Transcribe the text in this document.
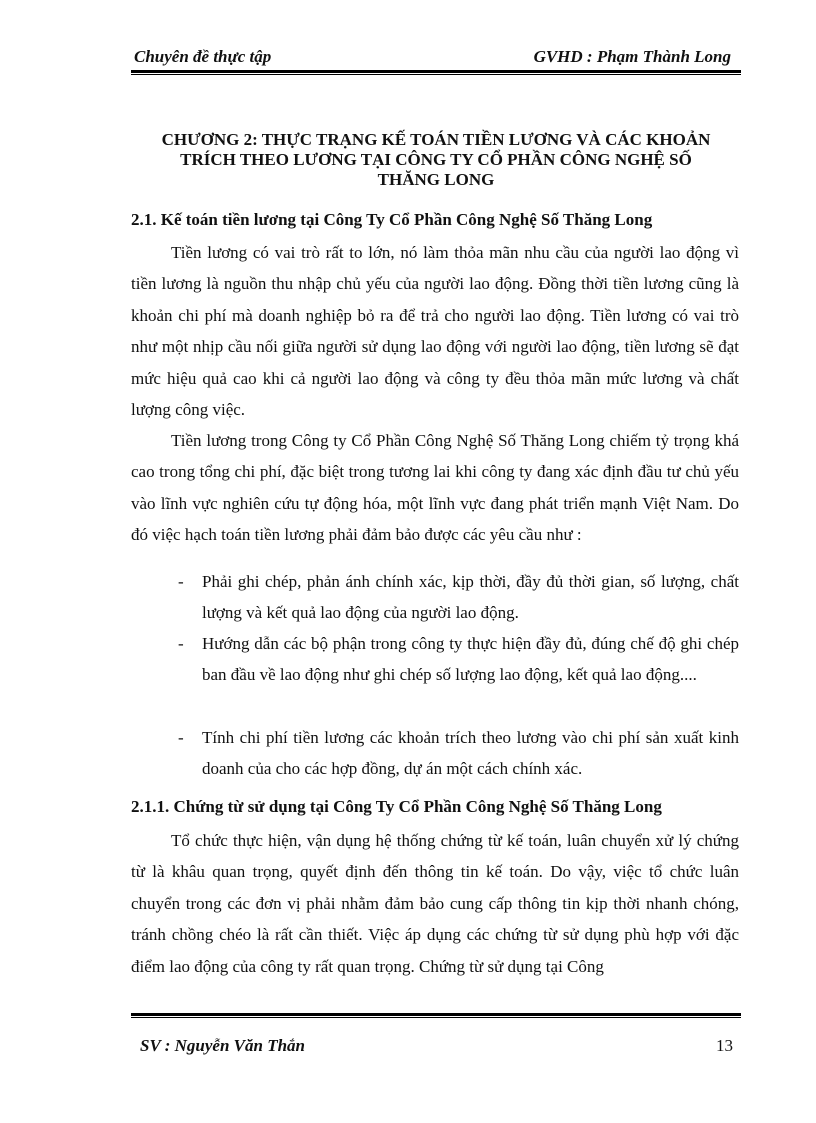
Chuyên đề thực tập	GVHD : Phạm Thành Long
CHƯƠNG 2: THỰC TRẠNG KẾ TOÁN TIỀN LƯƠNG VÀ CÁC KHOẢN
TRÍCH THEO LƯƠNG TẠI CÔNG TY CỔ PHẦN CÔNG NGHỆ SỐ
THĂNG LONG
2.1. Kế toán tiền lương tại Công Ty Cổ Phần Công Nghệ Số Thăng Long
Tiền lương có vai trò rất to lớn, nó làm thỏa mãn nhu cầu của người lao động vì tiền lương là nguồn thu nhập chủ yếu của người lao động. Đồng thời tiền lương cũng là khoản chi phí mà doanh nghiệp bỏ ra để trả cho người lao động. Tiền lương có vai trò như một nhịp cầu nối giữa người sử dụng lao động với người lao động, tiền lương sẽ đạt mức hiệu quả cao khi cả người lao động và công ty đều thỏa mãn mức lương và chất lượng công việc.
Tiền lương trong Công ty Cổ Phần Công Nghệ Số Thăng Long chiếm tỷ trọng khá cao trong tổng chi phí, đặc biệt trong tương lai khi công ty đang xác định đầu tư chủ yếu vào lĩnh vực nghiên cứu tự động hóa, một lĩnh vực đang phát triển mạnh Việt Nam. Do đó việc hạch toán tiền lương phải đảm bảo được các yêu cầu như :
- Phải ghi chép, phản ánh chính xác, kịp thời, đầy đủ thời gian, số lượng, chất lượng và kết quả lao động của người lao động.
- Hướng dẫn các bộ phận trong công ty thực hiện đầy đủ, đúng chế độ ghi chép ban đầu về lao động như ghi chép số lượng lao động, kết quả lao động....
- Tính chi phí tiền lương các khoản trích theo lương vào chi phí sản xuất kinh doanh của cho các hợp đồng, dự án một cách chính xác.
2.1.1. Chứng từ sử dụng tại Công Ty Cổ Phần Công Nghệ Số Thăng Long
Tổ chức thực hiện, vận dụng hệ thống chứng từ kế toán, luân chuyển xử lý chứng từ là khâu quan trọng, quyết định đến thông tin kế toán. Do vậy, việc tổ chức luân chuyển trong các đơn vị phải nhằm đảm bảo cung cấp thông tin kịp thời nhanh chóng, tránh chồng chéo là rất cần thiết. Việc áp dụng các chứng từ sử dụng phù hợp với đặc điểm lao động của công ty rất quan trọng. Chứng từ sử dụng tại Công
SV : Nguyễn Văn Thắn	13
